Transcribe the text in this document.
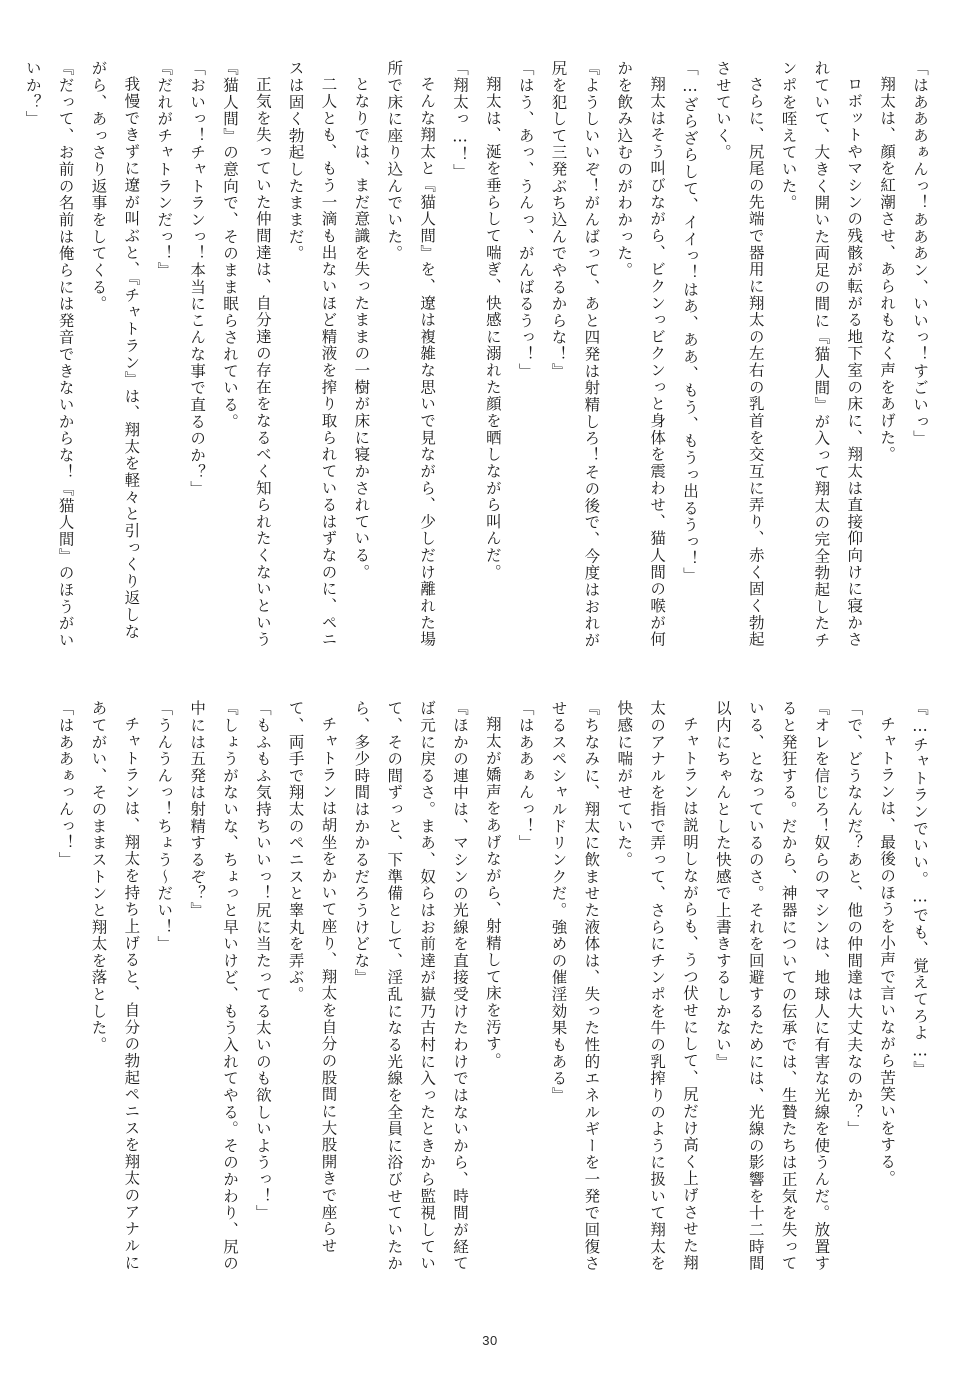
「はあああぁんっ！あああン、いいっ！すごいっ」
翔太は、顔を紅潮させ、あられもなく声をあげた。
ロボットやマシンの残骸が転がる地下室の床に、翔太は直接仰向けに寝かされていて、大きく開いた両足の間に『猫人間』が入って翔太の完全勃起したチンポを咥えていた。
さらに、尻尾の先端で器用に翔太の左右の乳首を交互に弄り、赤く固く勃起させていく。
「…ざらざらして、イイっ！はあ、ああ、もう、もうっ出るうっ！」
翔太はそう叫びながら、ビクンっビクンっと身体を震わせ、猫人間の喉が何かを飲み込むのがわかった。
『ようしいいぞ！がんばって、あと四発は射精しろ！その後で、今度はおれが尻を犯して三発ぶち込んでやるからな！』
「はう、あっ、うんっ、がんばるうっ！」
翔太は、涎を垂らして喘ぎ、快感に溺れた顔を晒しながら叫んだ。
「翔太っ…！」
そんな翔太と『猫人間』を、遼は複雑な思いで見ながら、少しだけ離れた場所で床に座り込んでいた。
となりでは、まだ意識を失ったままの一樹が床に寝かされている。
二人とも、もう一滴も出ないほど精液を搾り取られているはずなのに、ペニスは固く勃起したままだ。
正気を失っていた仲間達は、自分達の存在をなるべく知られたくないという『猫人間』の意向で、そのまま眠らされている。
「おいっ！チャトランっ！本当にこんな事で直るのか？」
『だれがチャトランだっ！』
我慢できずに遼が叫ぶと、『チャトラン』は、翔太を軽々と引っくり返しながら、あっさり返事をしてくる。
『だって、お前の名前は俺らには発音できないからな！『猫人間』のほうがいいか？」
『…チャトランでいい。…でも、覚えてろよ…』
チャトランは、最後のほうを小声で言いながら苦笑いをする。
「で、どうなんだ？あと、他の仲間達は大丈夫なのか？」
『オレを信じろ！奴らのマシンは、地球人に有害な光線を使うんだ。放置すると発狂する。だから、神器についての伝承では、生贄たちは正気を失っている、となっているのさ。それを回避するためには、光線の影響を十二時間以内にちゃんとした快感で上書きするしかない』
チャトランは説明しながらも、うつ伏せにして、尻だけ高く上げさせた翔太のアナルを指で弄って、さらにチンポを牛の乳搾りのように扱いて翔太を快感に喘がせていた。
『ちなみに、翔太に飲ませた液体は、失った性的エネルギーを一発で回復させるスペシャルドリンクだ。強めの催淫効果もある』
「はああぁんっ！」
翔太が嬌声をあげながら、射精して床を汚す。
『ほかの連中は、マシンの光線を直接受けたわけではないから、時間が経てば元に戻るさ。まあ、奴らはお前達が嶽乃古村に入ったときから監視していて、その間ずっと、下準備として、淫乱になる光線を全員に浴びせていたから、多少時間はかかるだろうけどな』
チャトランは胡坐をかいて座り、翔太を自分の股間に大股開きで座らせて、両手で翔太のペニスと睾丸を弄ぶ。
「もふもふ気持ちいいっ！尻に当たってる太いのも欲しいようっ！」
『しょうがないな、ちょっと早いけど、もう入れてやる。そのかわり、尻の中には五発は射精するぞ？』
「うんうんっ！ちょう～だい！」
チャトランは、翔太を持ち上げると、自分の勃起ペニスを翔太のアナルにあてがい、そのままストンと翔太を落とした。
「はああぁっんっ！」
30
